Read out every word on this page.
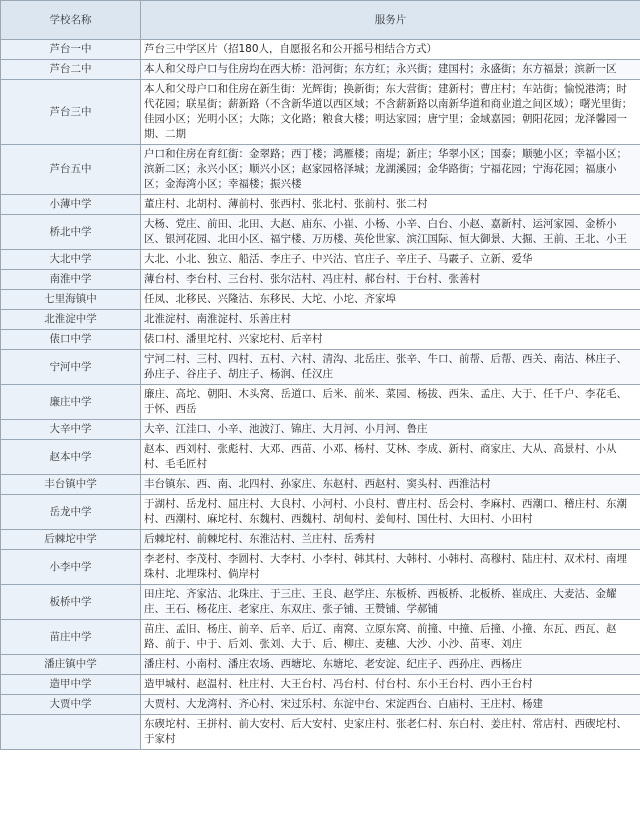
学校名称	服务片
芦台一中	芦台三中学区片（招180人，自愿报名和公开摇号相结合方式）
芦台二中	本人和父母户口与住房均在西大桥：沿河街；东方红；永兴街；建国村；永盛街；东方福景；滨新一区
芦台三中	本人和父母户口和住房在新生街：光辉街；换新街；东大营街；建新村；曹庄村；车站街；愉悦港湾；时代花园；联星街；薪新路（不含新华道以西区域；不含薪新路以南新华道和商业道之间区域）；曙光里街；佳园小区；光明小区；大陈；文化路；粮食大楼；明达家园；唐宁里；金域嘉园；朝阳花园；龙泽馨园一期、二期
芦台五中	户口和住房在育红街：金翠路；西丁楼；鸿雁楼；南堤；新庄；华翠小区；国泰；顺驰小区；幸福小区；滨新二区；永兴小区；顺兴小区；赵家园格泽城；龙湖溪园；金华路街；宁福花园；宁海花园；福康小区；金海湾小区；幸福楼；振兴楼
小薄中学	董庄村、北胡村、薄前村、张西村、张北村、张前村、张二村
桥北中学	大杨、党庄、前田、北田、大赵、庙东、小崔、小杨、小辛、白台、小赵、嘉新村、运河家园、金桥小区、银河花园、北田小区、福宁楼、万历楼、英伦世家、滨江国际、恒大御景、大掘、王前、王北、小王
大北中学	大北、小北、独立、船活、李庄子、中兴沽、官庄子、辛庄子、马霰子、立新、爱华
南淮中学	薄台村、李台村、三台村、张尔沽村、冯庄村、郝台村、于台村、张善村
七里海镇中	任凤、北移民、兴隆沽、东移民、大坨、小坨、齐家埠
北淮淀中学	北淮淀村、南淮淀村、乐善庄村
俵口中学	俵口村、潘里坨村、兴家坨村、后辛村
宁河中学	宁河二村、三村、四村、五村、六村、清沟、北岳庄、张辛、牛口、前帮、后帮、西关、南沽、林庄子、孙庄子、谷庄子、胡庄子、杨润、任汉庄
廉庄中学	廉庄、高坨、朝阳、木头窝、岳道口、后米、前米、菜园、杨拔、西朱、孟庄、大于、任千户、李花毛、于怀、西岳
大辛中学	大辛、江洼口、小辛、池波汀、锦庄、大月河、小月河、鲁庄
赵本中学	赵本、西刘村、张彪村、大邓、西苗、小邓、杨村、艾林、李成、新村、商家庄、大从、高景村、小从村、毛毛匠村
丰台镇中学	丰台镇东、西、南、北四村、孙家庄、东赵村、西赵村、窦头村、西淮沽村
岳龙中学	于湖村、岳龙村、屈庄村、大良村、小河村、小良村、曹庄村、岳会村、李麻村、西潮口、稽庄村、东潮村、西潮村、麻坨村、东魏村、西魏村、胡甸村、姜甸村、国仕村、大田村、小田村
后棘坨中学	后棘坨村、前棘坨村、东淮沽村、兰庄村、岳秀村
小李中学	李老村、李茂村、李圆村、大李村、小李村、韩其村、大韩村、小韩村、高穆村、陆庄村、双术村、南埋珠村、北埋珠村、倘岸村
板桥中学	田庄坨、齐家沽、北珠庄、于三庄、王良、赵学庄、东板桥、西板桥、北板桥、崔成庄、大麦沽、金耀庄、王石、杨花庄、老家庄、东双庄、张子铺、王赞铺、学郝铺
苗庄中学	苗庄、孟旧、杨庄、前辛、后辛、后辽、南窝、立原东窝、前撞、中撞、后撞、小撞、东瓦、西瓦、赵路、前于、中于、后刘、张刘、大于、后、柳庄、麦穗、大沙、小沙、苗枣、刘庄
潘庄镇中学	潘庄村、小南村、潘庄农场、西塘坨、东塘坨、老安淀、纪庄子、西孙庄、西杨庄
造甲中学	造甲城村、赵温村、杜庄村、大王台村、冯台村、付台村、东小王台村、西小王台村
大贾中学	大贾村、大龙湾村、齐心村、宋过乐村、东淀中台、宋淀西台、白庙村、王庄村、杨建
	东碶坨村、王拼村、前大安村、后大安村、史家庄村、张老仁村、东白村、姜庄村、常店村、西碶坨村、于家村
